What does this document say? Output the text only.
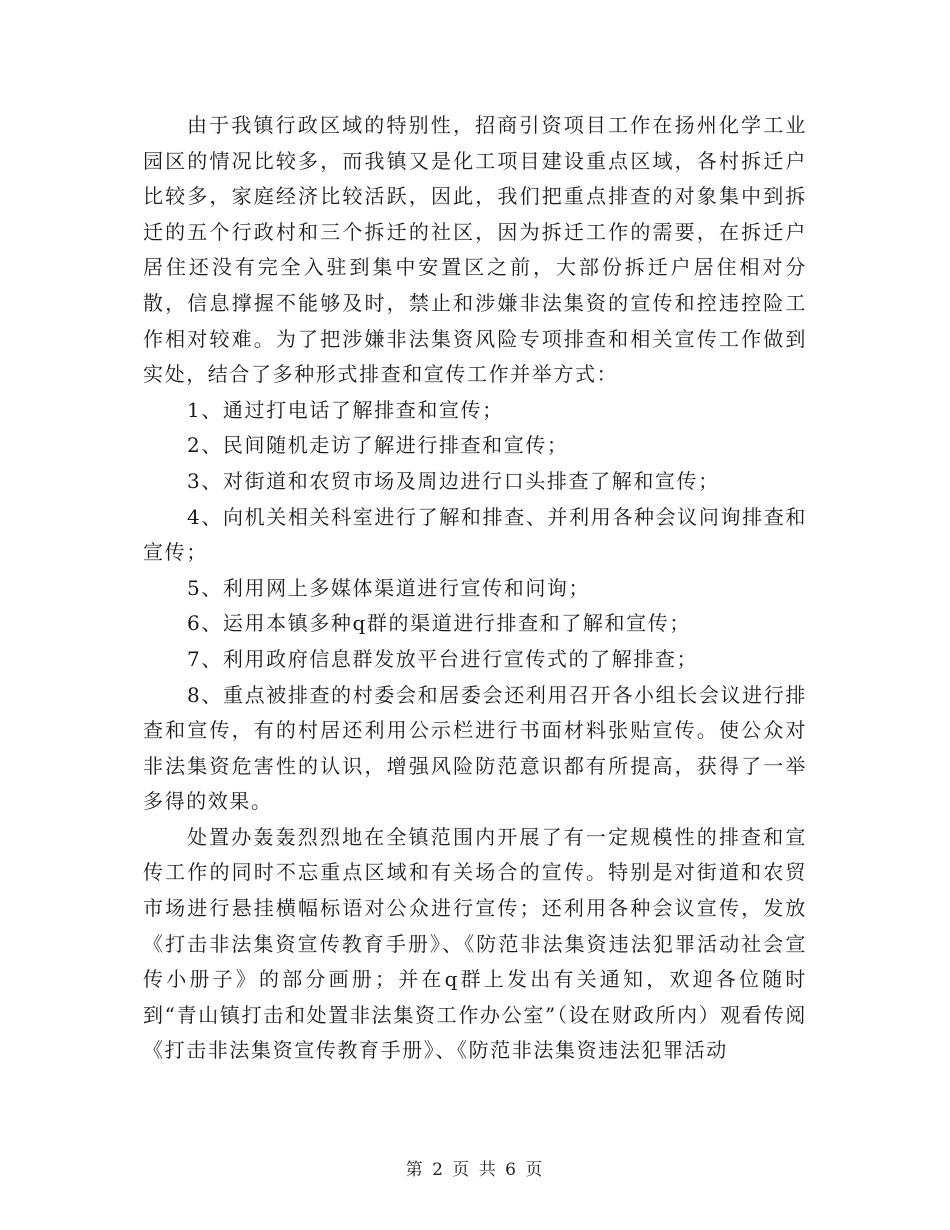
由于我镇行政区域的特别性，招商引资项目工作在扬州化学工业园区的情况比较多，而我镇又是化工项目建设重点区域，各村拆迁户比较多，家庭经济比较活跃，因此，我们把重点排查的对象集中到拆迁的五个行政村和三个拆迁的社区，因为拆迁工作的需要，在拆迁户居住还没有完全入驻到集中安置区之前，大部份拆迁户居住相对分散，信息撑握不能够及时，禁止和涉嫌非法集资的宣传和控违控险工作相对较难。为了把涉嫌非法集资风险专项排查和相关宣传工作做到实处，结合了多种形式排查和宣传工作并举方式：

1、通过打电话了解排查和宣传；

2、民间随机走访了解进行排查和宣传；

3、对街道和农贸市场及周边进行口头排查了解和宣传；

4、向机关相关科室进行了解和排查、并利用各种会议问询排查和宣传；

5、利用网上多媒体渠道进行宣传和问询；

6、运用本镇多种q群的渠道进行排查和了解和宣传；

7、利用政府信息群发放平台进行宣传式的了解排查；

8、重点被排查的村委会和居委会还利用召开各小组长会议进行排查和宣传，有的村居还利用公示栏进行书面材料张贴宣传。使公众对非法集资危害性的认识，增强风险防范意识都有所提高，获得了一举多得的效果。

处置办轰轰烈烈地在全镇范围内开展了有一定规模性的排查和宣传工作的同时不忘重点区域和有关场合的宣传。特别是对街道和农贸市场进行悬挂横幅标语对公众进行宣传；还利用各种会议宣传，发放《打击非法集资宣传教育手册》、《防范非法集资违法犯罪活动社会宣传小册子》的部分画册；并在q群上发出有关通知，欢迎各位随时到“青山镇打击和处置非法集资工作办公室”（设在财政所内）观看传阅《打击非法集资宣传教育手册》、《防范非法集资违法犯罪活动

第 2 页 共 6 页
